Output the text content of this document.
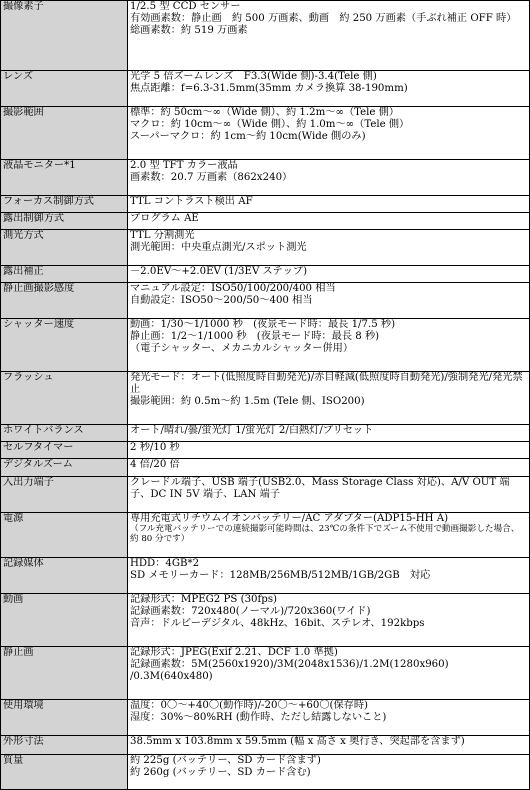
撮像素子	1/2.5 型 CCD センサー
有効画素数：静止画　約 500 万画素、動画　約 250 万画素（手ぶれ補正 OFF 時）
総画素数：約 519 万画素

レンズ	光学 5 倍ズームレンズ　F3.3(Wide 側)-3.4(Tele 側)
焦点距離：f=6.3-31.5mm(35mm カメラ換算 38-190mm)

撮影範囲	標準：約 50cm～∞（Wide 側）、約 1.2m～∞（Tele 側）
マクロ：約 10cm～∞（Wide 側）、約 1.0m～∞（Tele 側）
スーパーマクロ：約 1cm～約 10cm(Wide 側のみ)

液晶モニター*1	2.0 型 TFT カラー液晶
画素数：20.7 万画素（862x240）

フォーカス制御方式	TTL コントラスト検出 AF

露出制御方式	プログラム AE

測光方式	TTL 分割測光
測光範囲：中央重点測光/スポット測光

露出補正	－2.0EV～+2.0EV (1/3EV ステップ)

静止画撮影感度	マニュアル設定：ISO50/100/200/400 相当
自動設定：ISO50～200/50～400 相当

シャッター速度	動画：1/30～1/1000 秒　(夜景モード時：最長 1/7.5 秒)
静止画：1/2～1/1000 秒　(夜景モード時：最長 8 秒)
（電子シャッター、メカニカルシャッター併用）

フラッシュ	発光モード：オート(低照度時自動発光)/赤目軽減(低照度時自動発光)/強制発光/発光禁止
撮影範囲：約 0.5m～約 1.5m (Tele 側、ISO200)

ホワイトバランス	オート/晴れ/曇/蛍光灯 1/蛍光灯 2/白熱灯/プリセット

セルフタイマー	2 秒/10 秒

デジタルズーム	4 倍/20 倍

入出力端子	クレードル端子、USB 端子(USB2.0、Mass Storage Class 対応)、A/V OUT 端子、DC IN 5V 端子、LAN 端子

電源	専用充電式リチウムイオンバッテリー/AC アダプター(ADP15-HH A)
（フル充電バッテリーでの連続撮影可能時間は、23℃の条件下でズーム不使用で動画撮影した場合、約 80 分です）

記録媒体	HDD：4GB*2
SD メモリーカード：128MB/256MB/512MB/1GB/2GB　対応

動画	記録形式：MPEG2 PS (30fps)
記録画素数：720x480(ノーマル)/720x360(ワイド)
音声：ドルビーデジタル、48kHz、16bit、ステレオ、192kbps

静止画	記録形式：JPEG(Exif 2.21、DCF 1.0 準拠)
記録画素数：5M(2560x1920)/3M(2048x1536)/1.2M(1280x960)
/0.3M(640x480)

使用環境	温度：0〇～+40〇(動作時)/-20〇～+60〇(保存時)
湿度：30%～80%RH (動作時、ただし結露しないこと)

外形寸法	38.5mm x 103.8mm x 59.5mm (幅 x 高さ x 奥行き、突起部を含まず)

質量	約 225g (バッテリー、SD カード含まず)
約 260g (バッテリー、SD カード含む)
